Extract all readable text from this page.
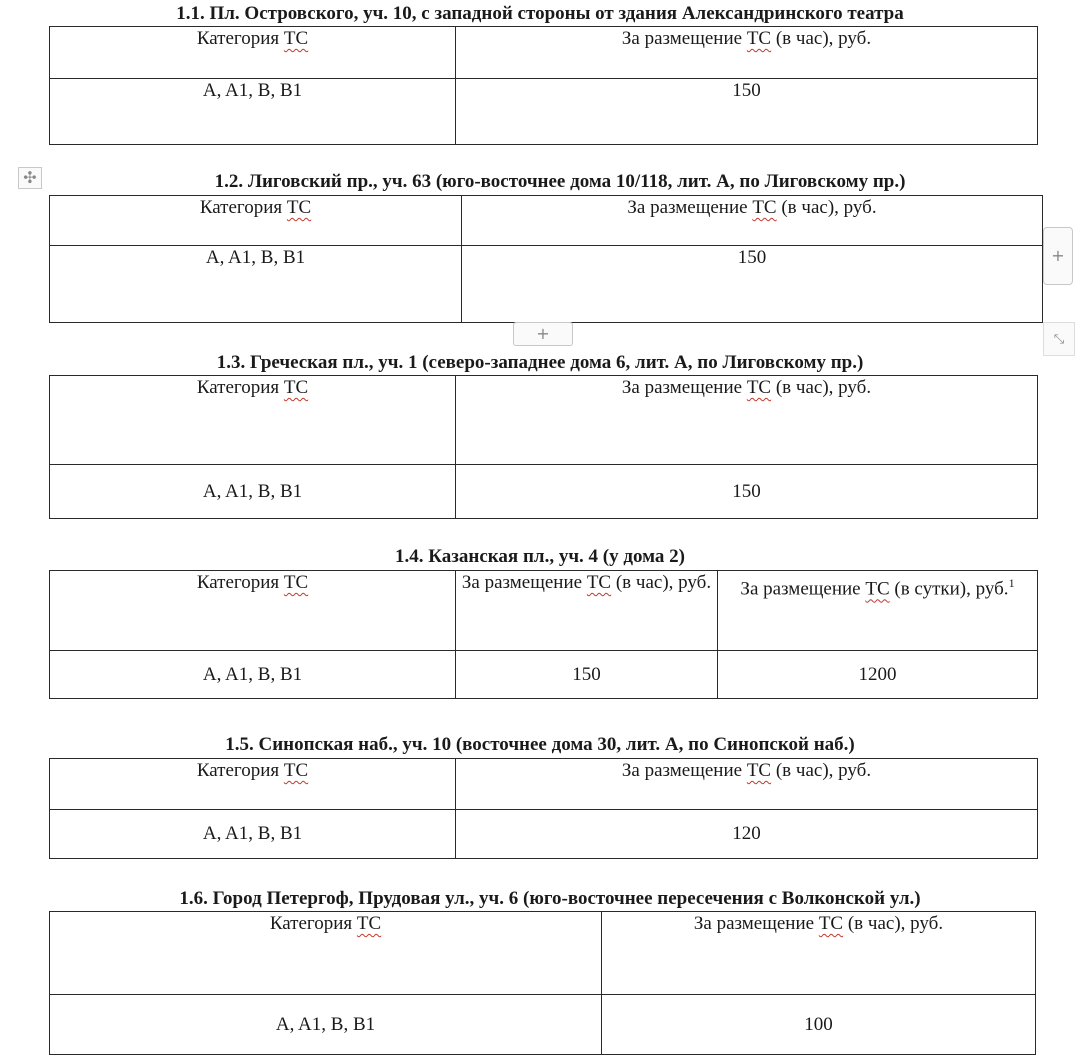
1.1. Пл. Островского, уч. 10, с западной стороны от здания Александринского театра
Категория ТС	За размещение ТС (в час), руб.
A, A1, B, B1	150
✣	1.2. Лиговский пр., уч. 63 (юго-восточнее дома 10/118, лит. А, по Лиговскому пр.)
Категория ТС	За размещение ТС (в час), руб.
A, A1, B, B1	150	+
+	⤡
1.3. Греческая пл., уч. 1 (северо-западнее дома 6, лит. А, по Лиговскому пр.)
Категория ТС	За размещение ТС (в час), руб.
A, A1, B, B1	150
1.4. Казанская пл., уч. 4 (у дома 2)
Категория ТС	За размещение ТС (в час), руб.	За размещение ТС (в сутки), руб.$^1$
A, A1, B, B1	150	1200
1.5. Синопская наб., уч. 10 (восточнее дома 30, лит. А, по Синопской наб.)
Категория ТС	За размещение ТС (в час), руб.
A, A1, B, B1	120
1.6. Город Петергоф, Прудовая ул., уч. 6 (юго-восточнее пересечения с Волконской ул.)
Категория ТС	За размещение ТС (в час), руб.
A, A1, B, B1	100
